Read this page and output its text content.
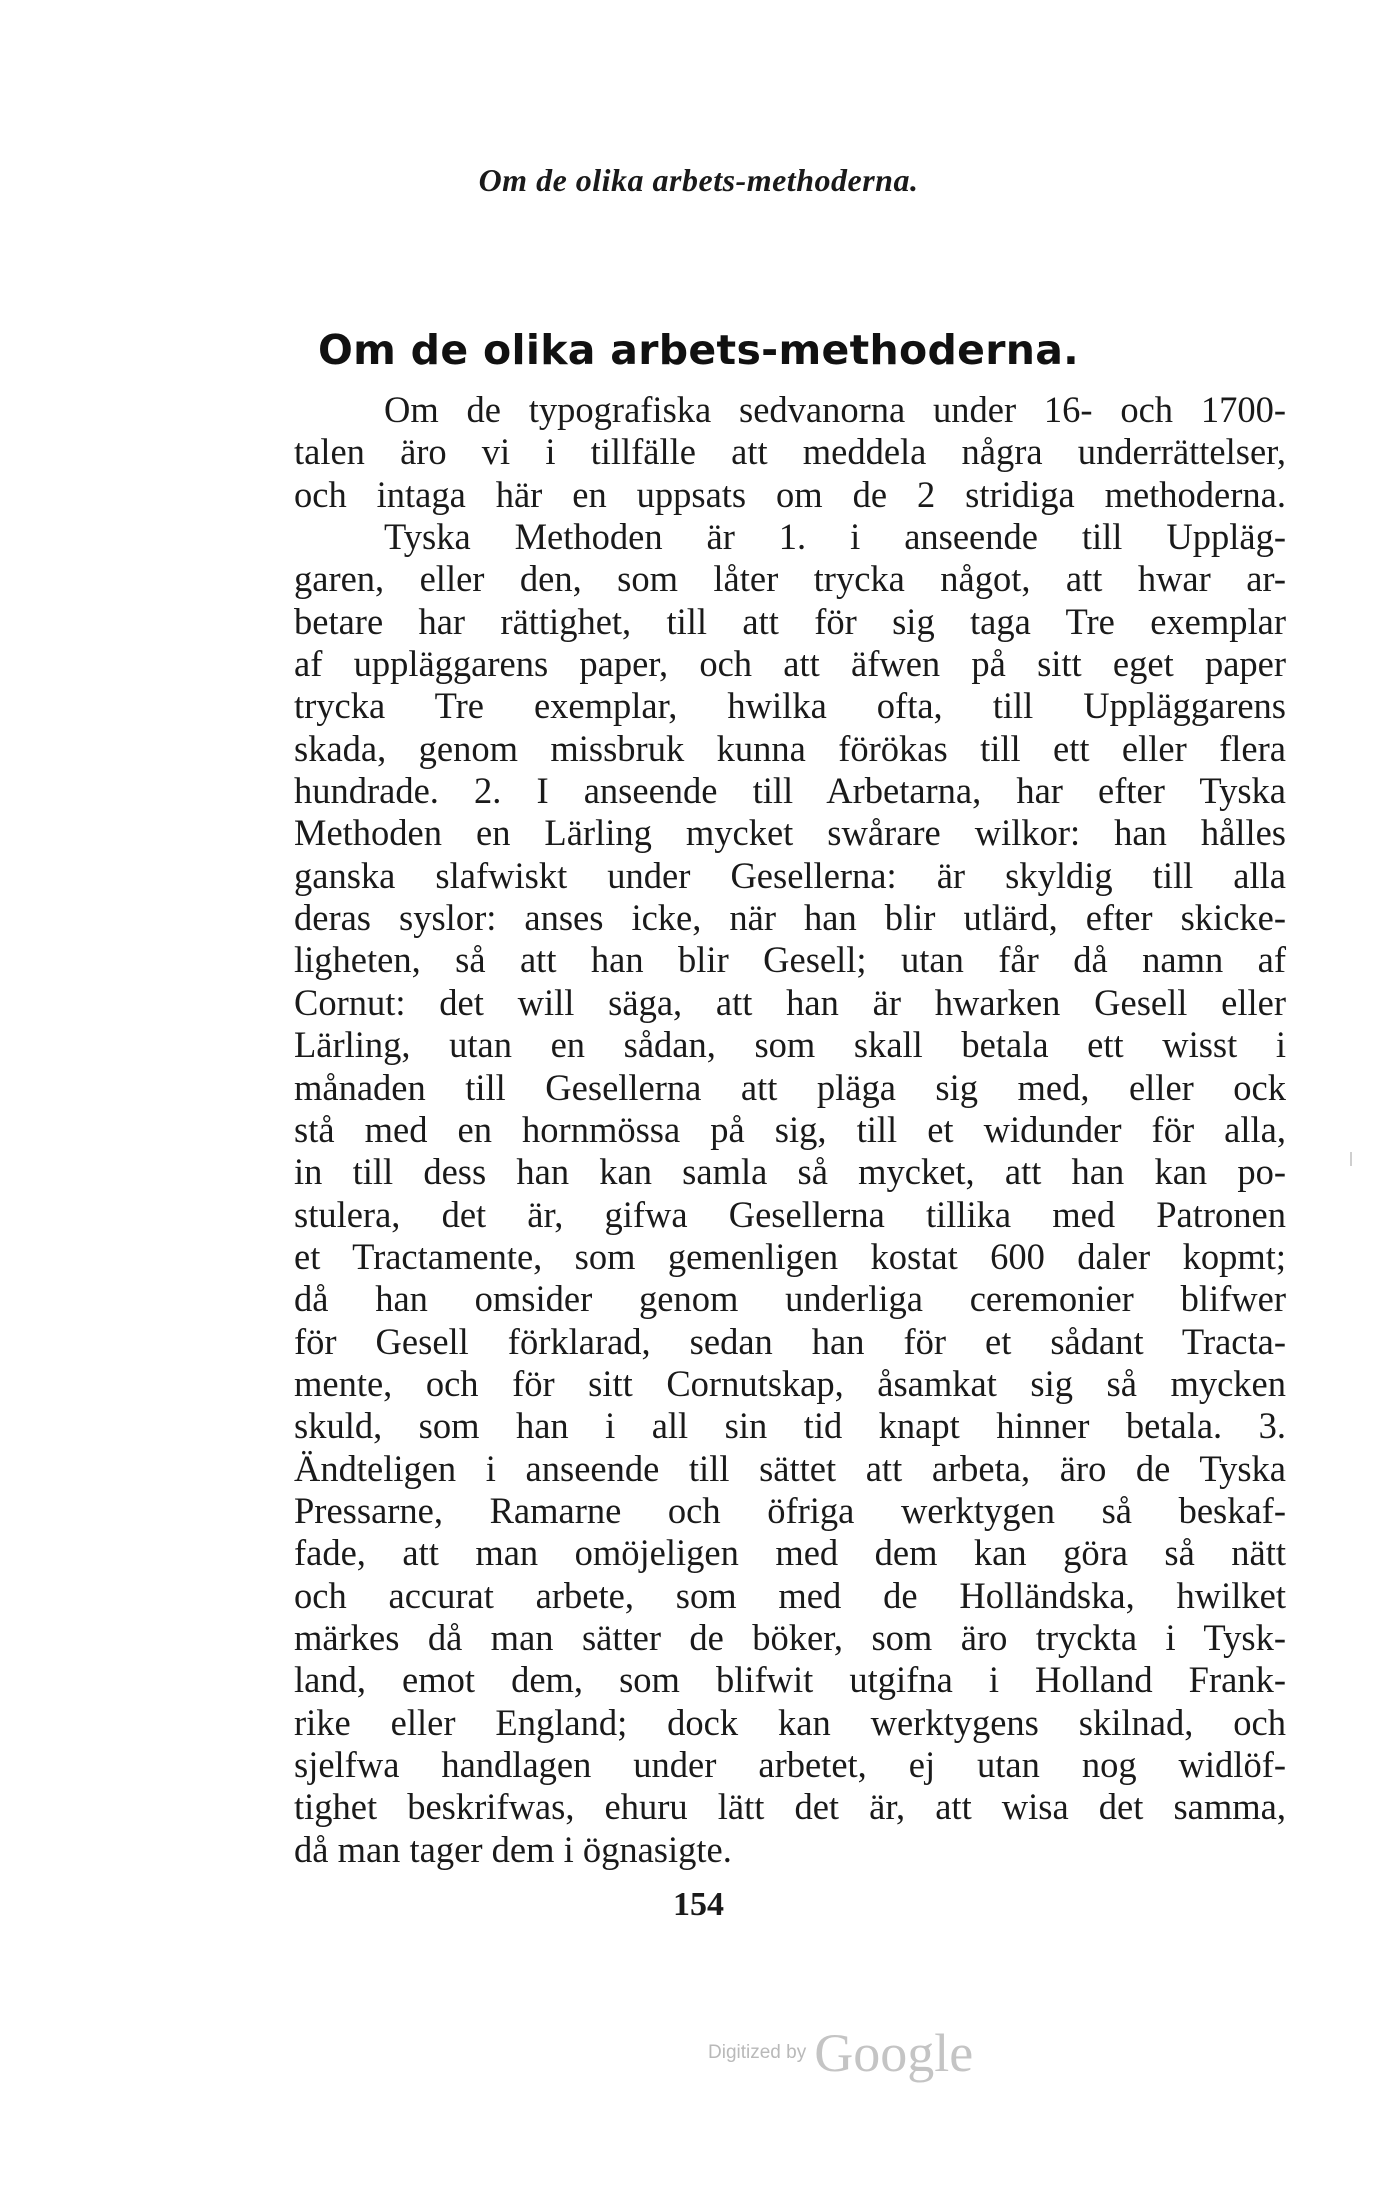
Om de olika arbets-methoderna.
Om de olika arbets-methoderna.
Om de typografiska sedvanorna under 16- och 1700-
talen äro vi i tillfälle att meddela några underrättelser,
och intaga här en uppsats om de 2 stridiga methoderna.
Tyska Methoden är 1. i anseende till Uppläg-
garen, eller den, som låter trycka något, att hwar ar-
betare har rättighet, till att för sig taga Tre exemplar
af uppläggarens paper, och att äfwen på sitt eget paper
trycka Tre exemplar, hwilka ofta, till Uppläggarens
skada, genom missbruk kunna förökas till ett eller flera
hundrade. 2. I anseende till Arbetarna, har efter Tyska
Methoden en Lärling mycket swårare wilkor: han hålles
ganska slafwiskt under Gesellerna: är skyldig till alla
deras syslor: anses icke, när han blir utlärd, efter skicke-
ligheten, så att han blir Gesell; utan får då namn af
Cornut: det will säga, att han är hwarken Gesell eller
Lärling, utan en sådan, som skall betala ett wisst i
månaden till Gesellerna att pläga sig med, eller ock
stå med en hornmössa på sig, till et widunder för alla,
in till dess han kan samla så mycket, att han kan po-
stulera, det är, gifwa Gesellerna tillika med Patronen
et Tractamente, som gemenligen kostat 600 daler kopmt;
då han omsider genom underliga ceremonier blifwer
för Gesell förklarad, sedan han för et sådant Tracta-
mente, och för sitt Cornutskap, åsamkat sig så mycken
skuld, som han i all sin tid knapt hinner betala. 3.
Ändteligen i anseende till sättet att arbeta, äro de Tyska
Pressarne, Ramarne och öfriga werktygen så beskaf-
fade, att man omöjeligen med dem kan göra så nätt
och accurat arbete, som med de Holländska, hwilket
märkes då man sätter de böker, som äro tryckta i Tysk-
land, emot dem, som blifwit utgifna i Holland Frank-
rike eller England; dock kan werktygens skilnad, och
sjelfwa handlagen under arbetet, ej utan nog widlöf-
tighet beskrifwas, ehuru lätt det är, att wisa det samma,
då man tager dem i ögnasigte.
154
Digitized by Google
